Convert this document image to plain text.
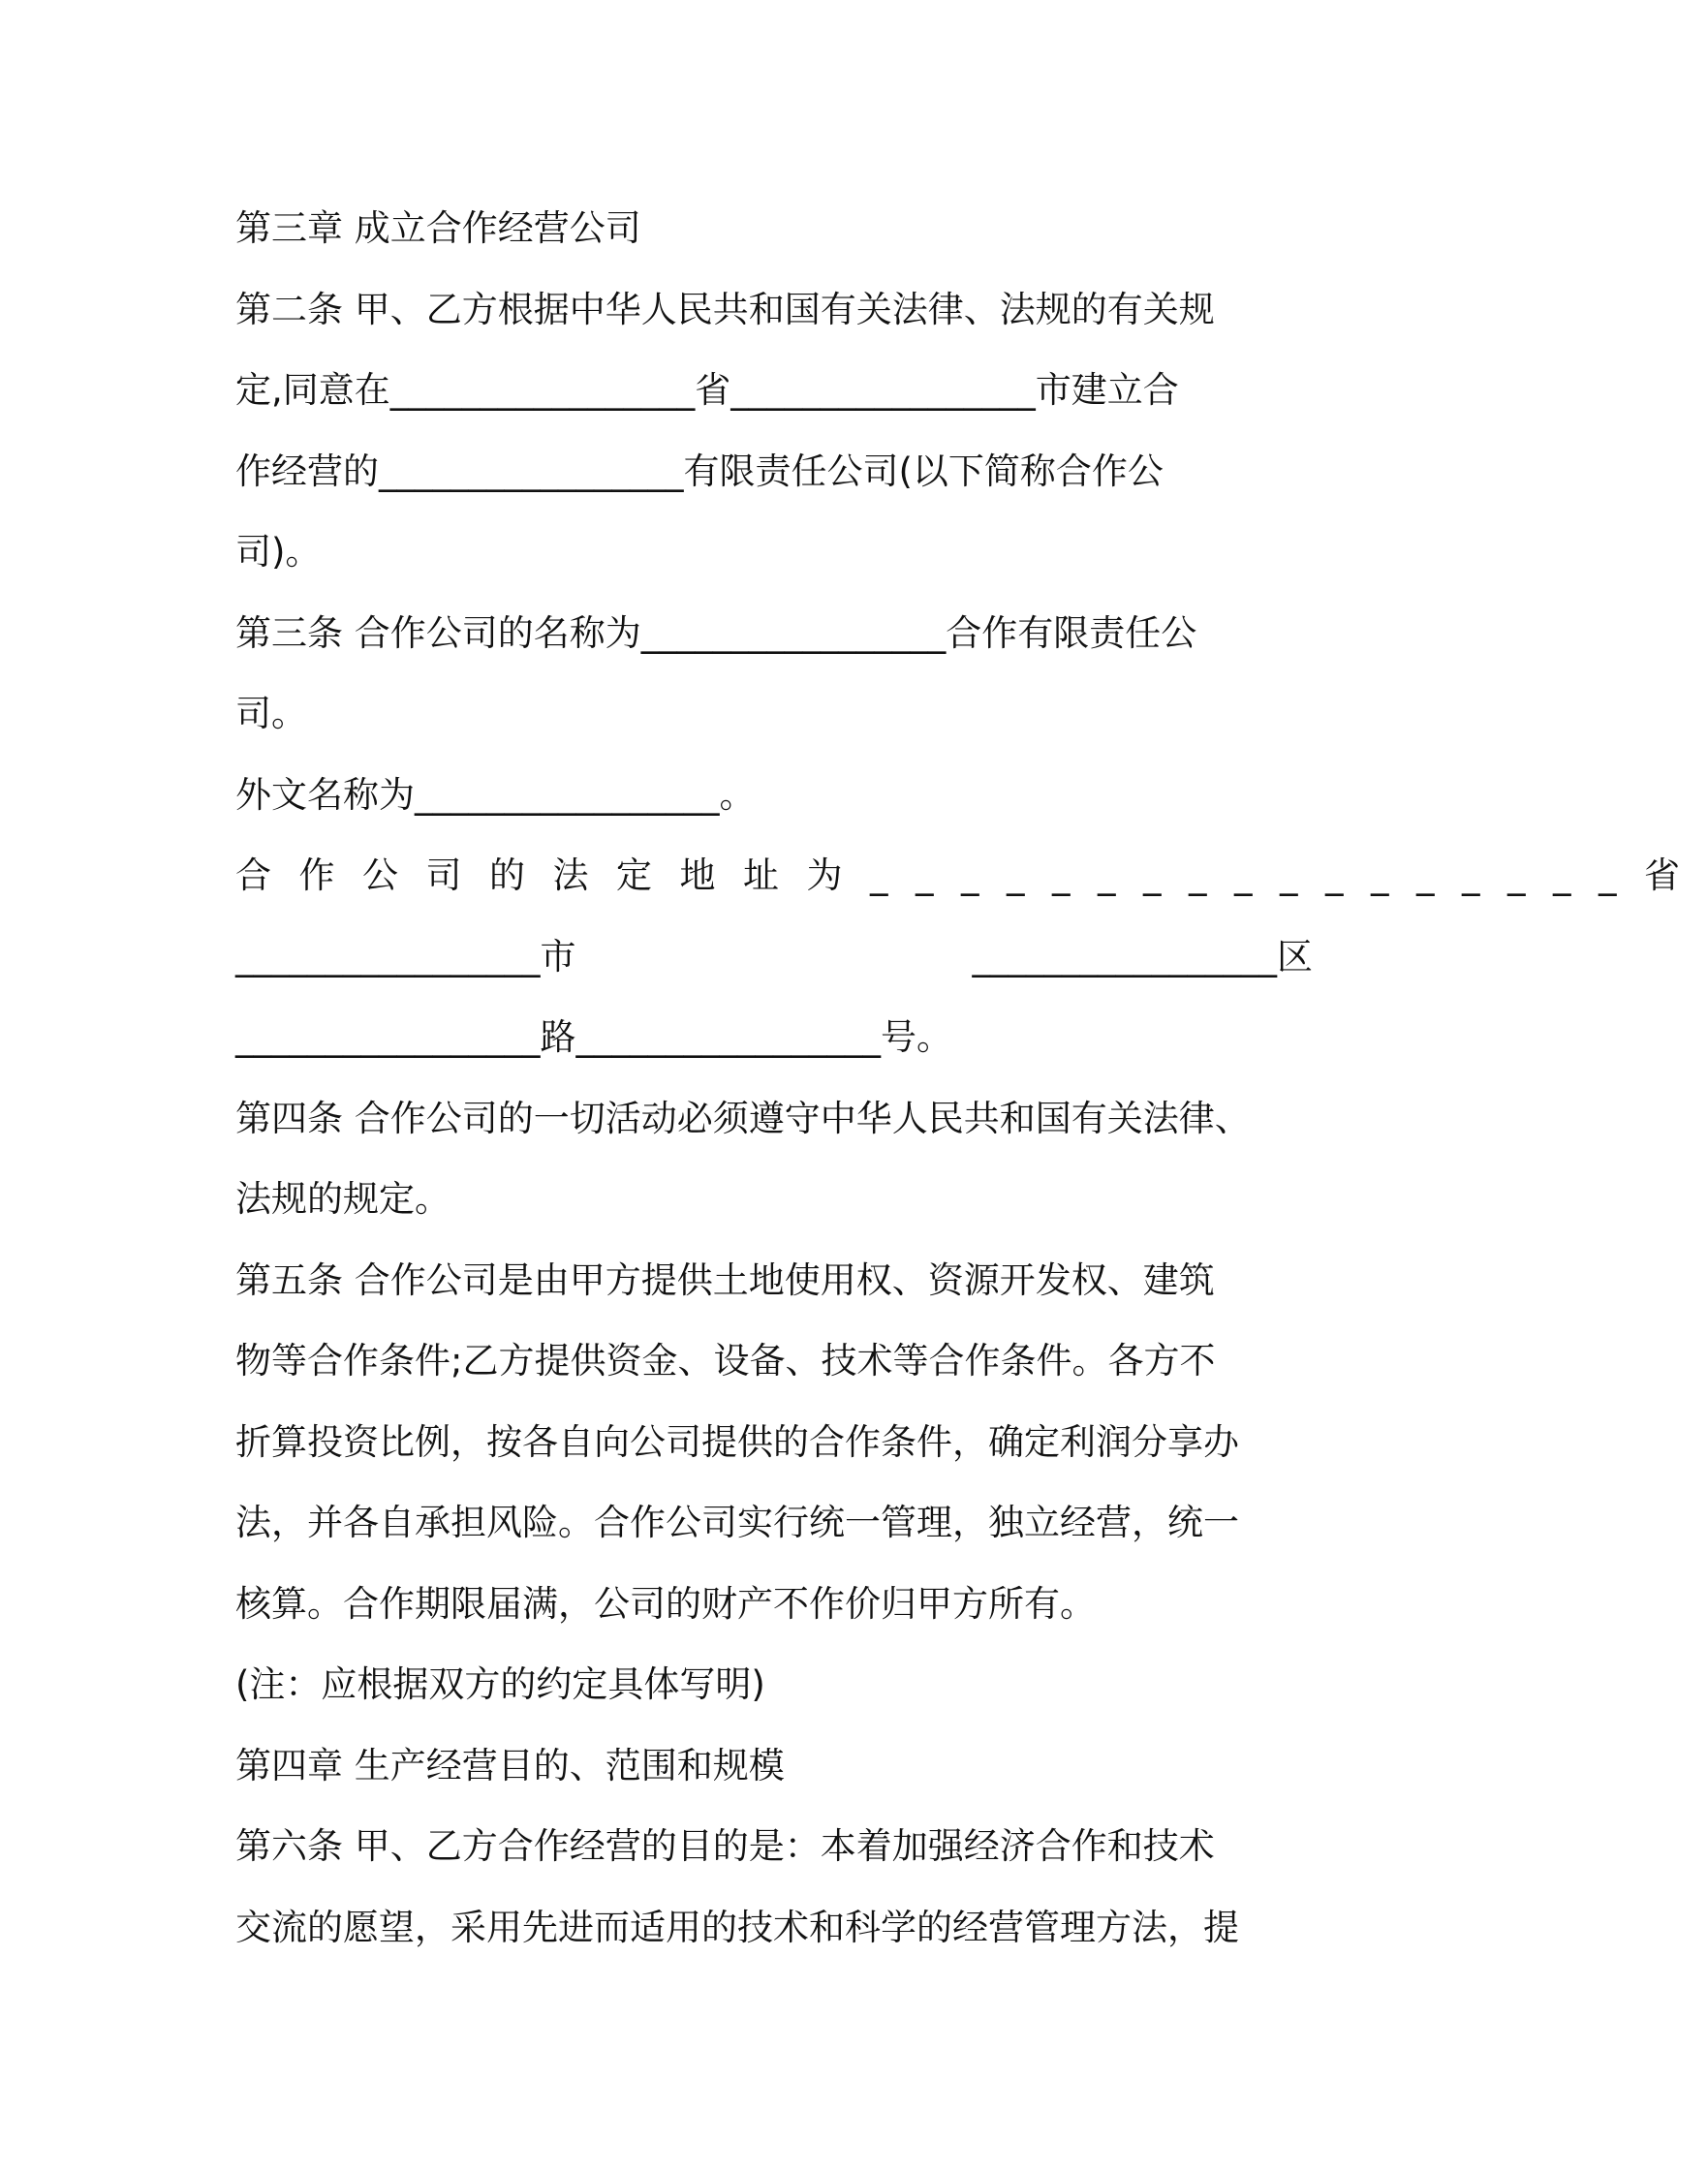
第三章 成立合作经营公司
第二条 甲、乙方根据中华人民共和国有关法律、法规的有关规
定,同意在_________________省_________________市建立合
作经营的_________________有限责任公司(以下简称合作公
司)。
第三条 合作公司的名称为_________________合作有限责任公
司。
外文名称为_________________。
合作公司的法定地址为_________________省
_________________市	_________________区
_________________路_________________号。
第四条 合作公司的一切活动必须遵守中华人民共和国有关法律、
法规的规定。
第五条 合作公司是由甲方提供土地使用权、资源开发权、建筑
物等合作条件;乙方提供资金、设备、技术等合作条件。各方不
折算投资比例，按各自向公司提供的合作条件，确定利润分享办
法，并各自承担风险。合作公司实行统一管理，独立经营，统一
核算。合作期限届满，公司的财产不作价归甲方所有。
(注：应根据双方的约定具体写明)
第四章 生产经营目的、范围和规模
第六条 甲、乙方合作经营的目的是：本着加强经济合作和技术
交流的愿望，采用先进而适用的技术和科学的经营管理方法，提
